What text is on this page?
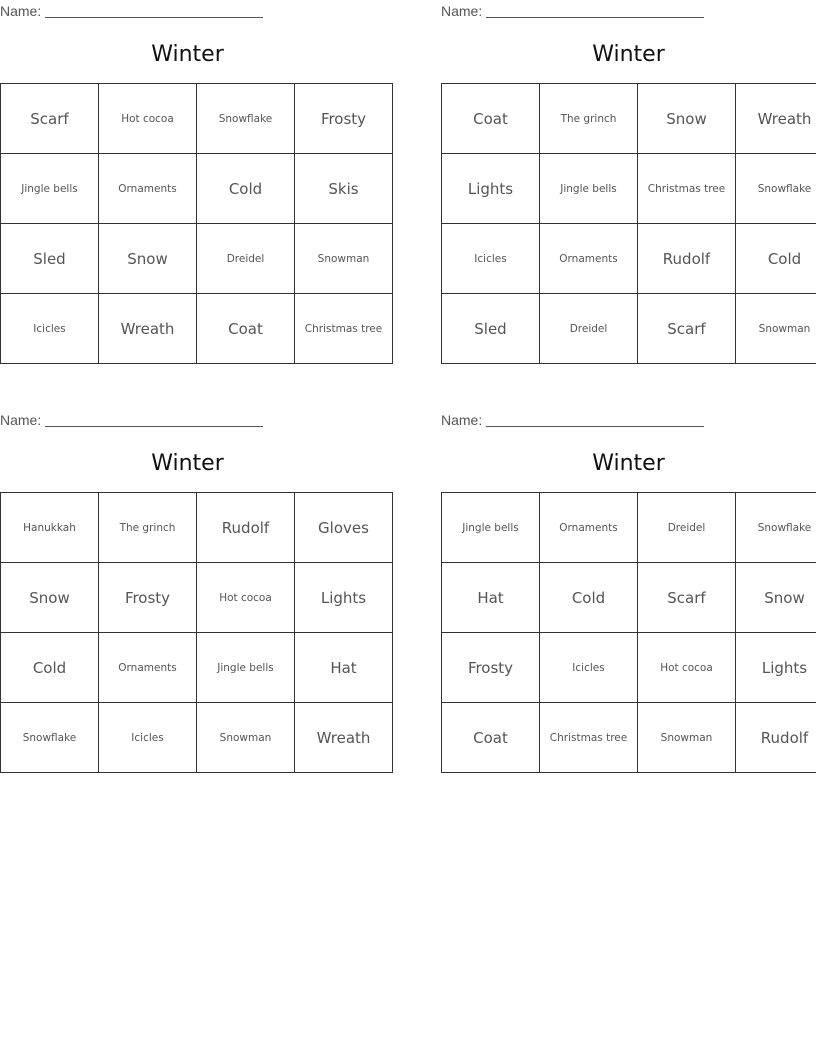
Name:
Winter
Scarf	Hot cocoa	Snowflake	Frosty
Jingle bells	Ornaments	Cold	Skis
Sled	Snow	Dreidel	Snowman
Icicles	Wreath	Coat	Christmas tree
Name:
Winter
Coat	The grinch	Snow	Wreath
Lights	Jingle bells	Christmas tree	Snowflake
Icicles	Ornaments	Rudolf	Cold
Sled	Dreidel	Scarf	Snowman
Name:
Winter
Hanukkah	The grinch	Rudolf	Gloves
Snow	Frosty	Hot cocoa	Lights
Cold	Ornaments	Jingle bells	Hat
Snowflake	Icicles	Snowman	Wreath
Name:
Winter
Jingle bells	Ornaments	Dreidel	Snowflake
Hat	Cold	Scarf	Snow
Frosty	Icicles	Hot cocoa	Lights
Coat	Christmas tree	Snowman	Rudolf
